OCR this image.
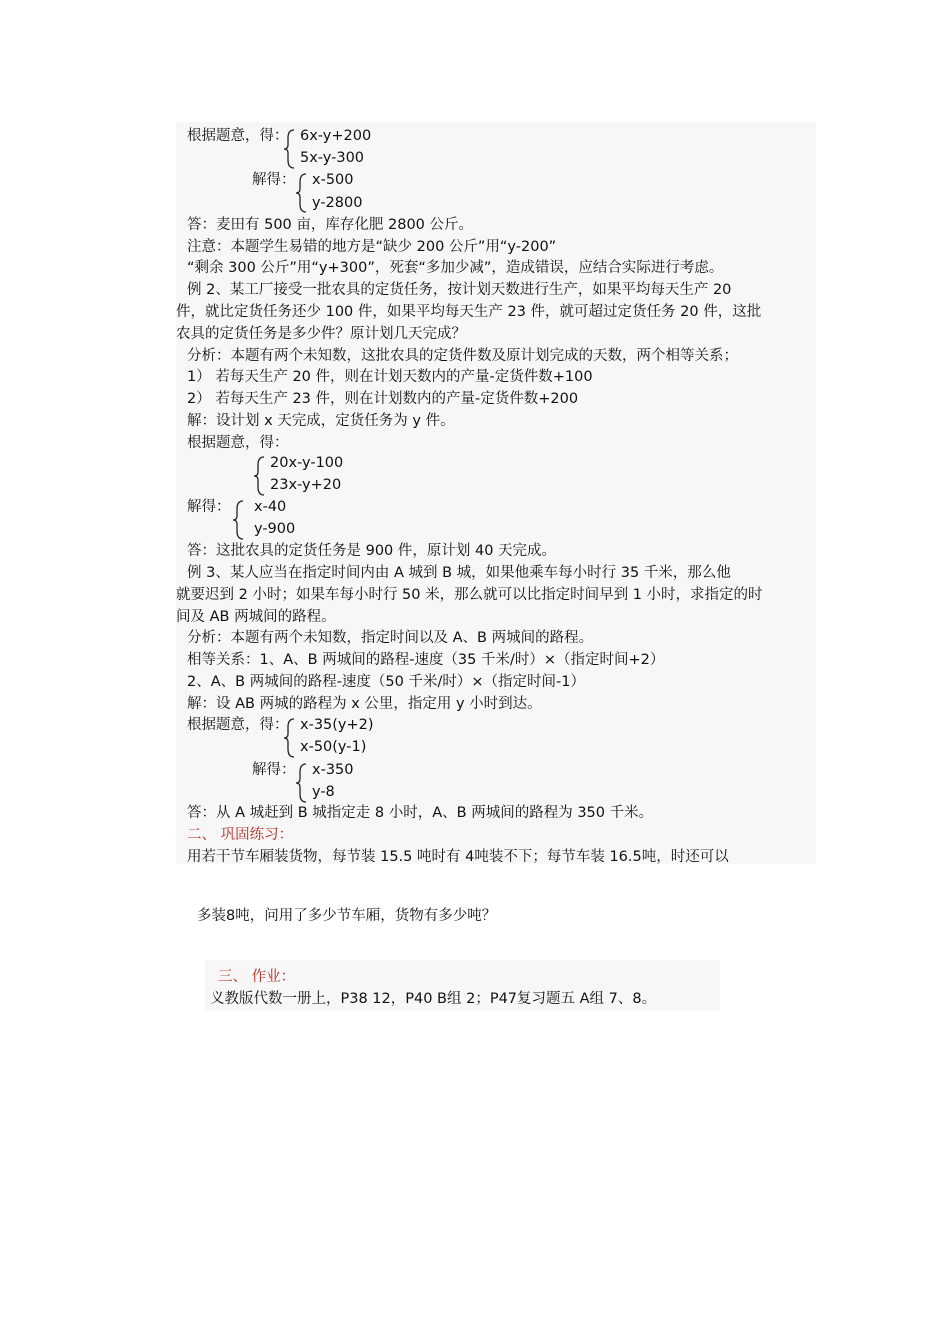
根据题意，得： 6x-y+200
5x-y-300
解得： x-500
y-2800
答：麦田有 500 亩，库存化肥 2800 公斤。
注意：本题学生易错的地方是“缺少 200 公斤”用“y-200”
“剩余 300 公斤”用“y+300”，死套“多加少减”，造成错误，应结合实际进行考虑。
例 2、某工厂接受一批农具的定货任务，按计划天数进行生产，如果平均每天生产 20
件，就比定货任务还少 100 件，如果平均每天生产 23 件，就可超过定货任务 20 件，这批
农具的定货任务是多少件？原计划几天完成？
分析：本题有两个未知数，这批农具的定货件数及原计划完成的天数，两个相等关系；
1） 若每天生产 20 件，则在计划天数内的产量-定货件数+100
2） 若每天生产 23 件，则在计划数内的产量-定货件数+200
解：设计划 x 天完成，定货任务为 y 件。
根据题意，得：
20x-y-100
23x-y+20
解得： x-40
y-900
答：这批农具的定货任务是 900 件，原计划 40 天完成。
例 3、某人应当在指定时间内由 A 城到 B 城，如果他乘车每小时行 35 千米，那么他
就要迟到 2 小时；如果车每小时行 50 米，那么就可以比指定时间早到 1 小时，求指定的时
间及 AB 两城间的路程。
分析：本题有两个未知数，指定时间以及 A、B 两城间的路程。
相等关系：1、A、B 两城间的路程-速度（35 千米/时）×（指定时间+2）
2、A、B 两城间的路程-速度（50 千米/时）×（指定时间-1）
解：设 AB 两城的路程为 x 公里，指定用 y 小时到达。
根据题意，得： x-35(y+2)
x-50(y-1)
解得： x-350
y-8
答：从 A 城赶到 B 城指定走 8 小时，A、B 两城间的路程为 350 千米。
二、 巩固练习：
用若干节车厢装货物，每节装 15.5 吨时有 4吨装不下；每节车装 16.5吨，时还可以
多装8吨，问用了多少节车厢，货物有多少吨？
三、 作业：
义教版代数一册上，P38 12，P40 B组 2；P47复习题五 A组 7、8。
